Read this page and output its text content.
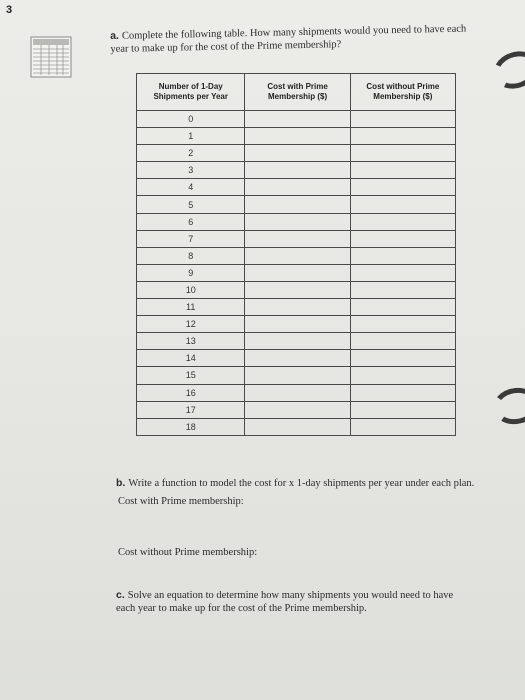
3
a. Complete the following table. How many shipments would you need to have each year to make up for the cost of the Prime membership?
Number of 1-Day Shipments per Year	Cost with Prime Membership ($)	Cost without Prime Membership ($)
0		
1		
2		
3		
4		
5		
6		
7		
8		
9		
10		
11		
12		
13		
14		
15		
16		
17		
18		
b. Write a function to model the cost for x 1-day shipments per year under each plan.
Cost with Prime membership:
Cost without Prime membership:
c. Solve an equation to determine how many shipments you would need to have each year to make up for the cost of the Prime membership.
